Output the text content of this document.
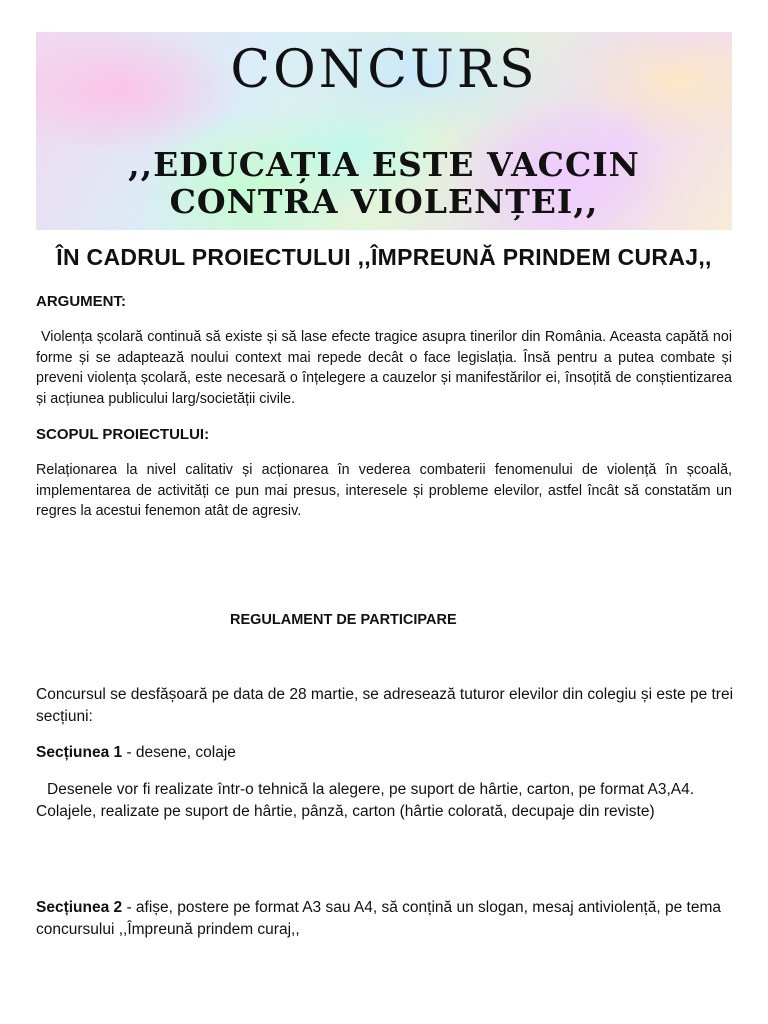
CONCURS
,,EDUCAȚIA ESTE VACCIN
CONTRA VIOLENȚEI,,
ÎN CADRUL PROIECTULUI ,,ÎMPREUNĂ PRINDEM CURAJ,,
ARGUMENT:

Violența școlară continuă să existe și să lase efecte tragice asupra tinerilor din România. Aceasta capătă noi forme și se adaptează noului context mai repede decât o face legislația. Însă pentru a putea combate și preveni violența școlară, este necesară o înțelegere a cauzelor și manifestărilor ei, însoțită de conștientizarea și acțiunea publicului larg/societății civile.

SCOPUL PROIECTULUI:

Relaționarea la nivel calitativ și acționarea în vederea combaterii fenomenului de violență în școală, implementarea de activități ce pun mai presus, interesele și probleme elevilor, astfel încât să constatăm un regres la acestui fenemon atât de agresiv.

REGULAMENT DE PARTICIPARE

Concursul se desfășoară pe data de 28 martie, se adresează tuturor elevilor din colegiu și este pe trei secțiuni:

Secțiunea 1 - desene, colaje

Desenele vor fi realizate într-o tehnică la alegere, pe suport de hârtie, carton, pe format A3,A4. Colajele, realizate pe suport de hârtie, pânză, carton (hârtie colorată, decupaje din reviste)

Secțiunea 2 - afișe, postere pe format A3 sau A4, să conțină un slogan, mesaj antiviolență, pe tema concursului ,,Împreună prindem curaj,,
